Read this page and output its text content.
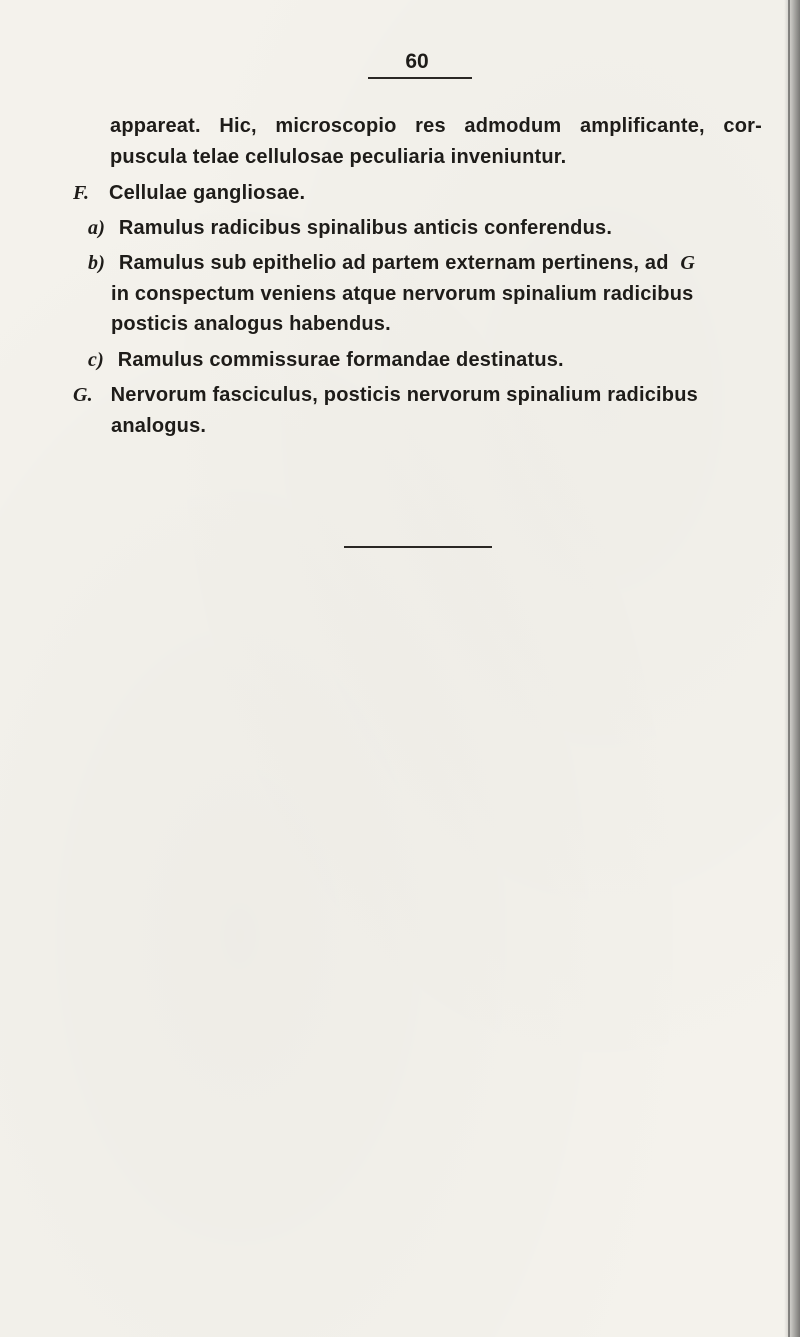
60
appareat. Hic, microscopio res admodum amplificante, cor-
puscula telae cellulosae peculiaria inveniuntur.
F. Cellulae gangliosae.
a) Ramulus radicibus spinalibus anticis conferendus.
b) Ramulus sub epithelio ad partem externam pertinens, ad G
in conspectum veniens atque nervorum spinalium radicibus
posticis analogus habendus.
c) Ramulus commissurae formandae destinatus.
G. Nervorum fasciculus, posticis nervorum spinalium radicibus
analogus.
